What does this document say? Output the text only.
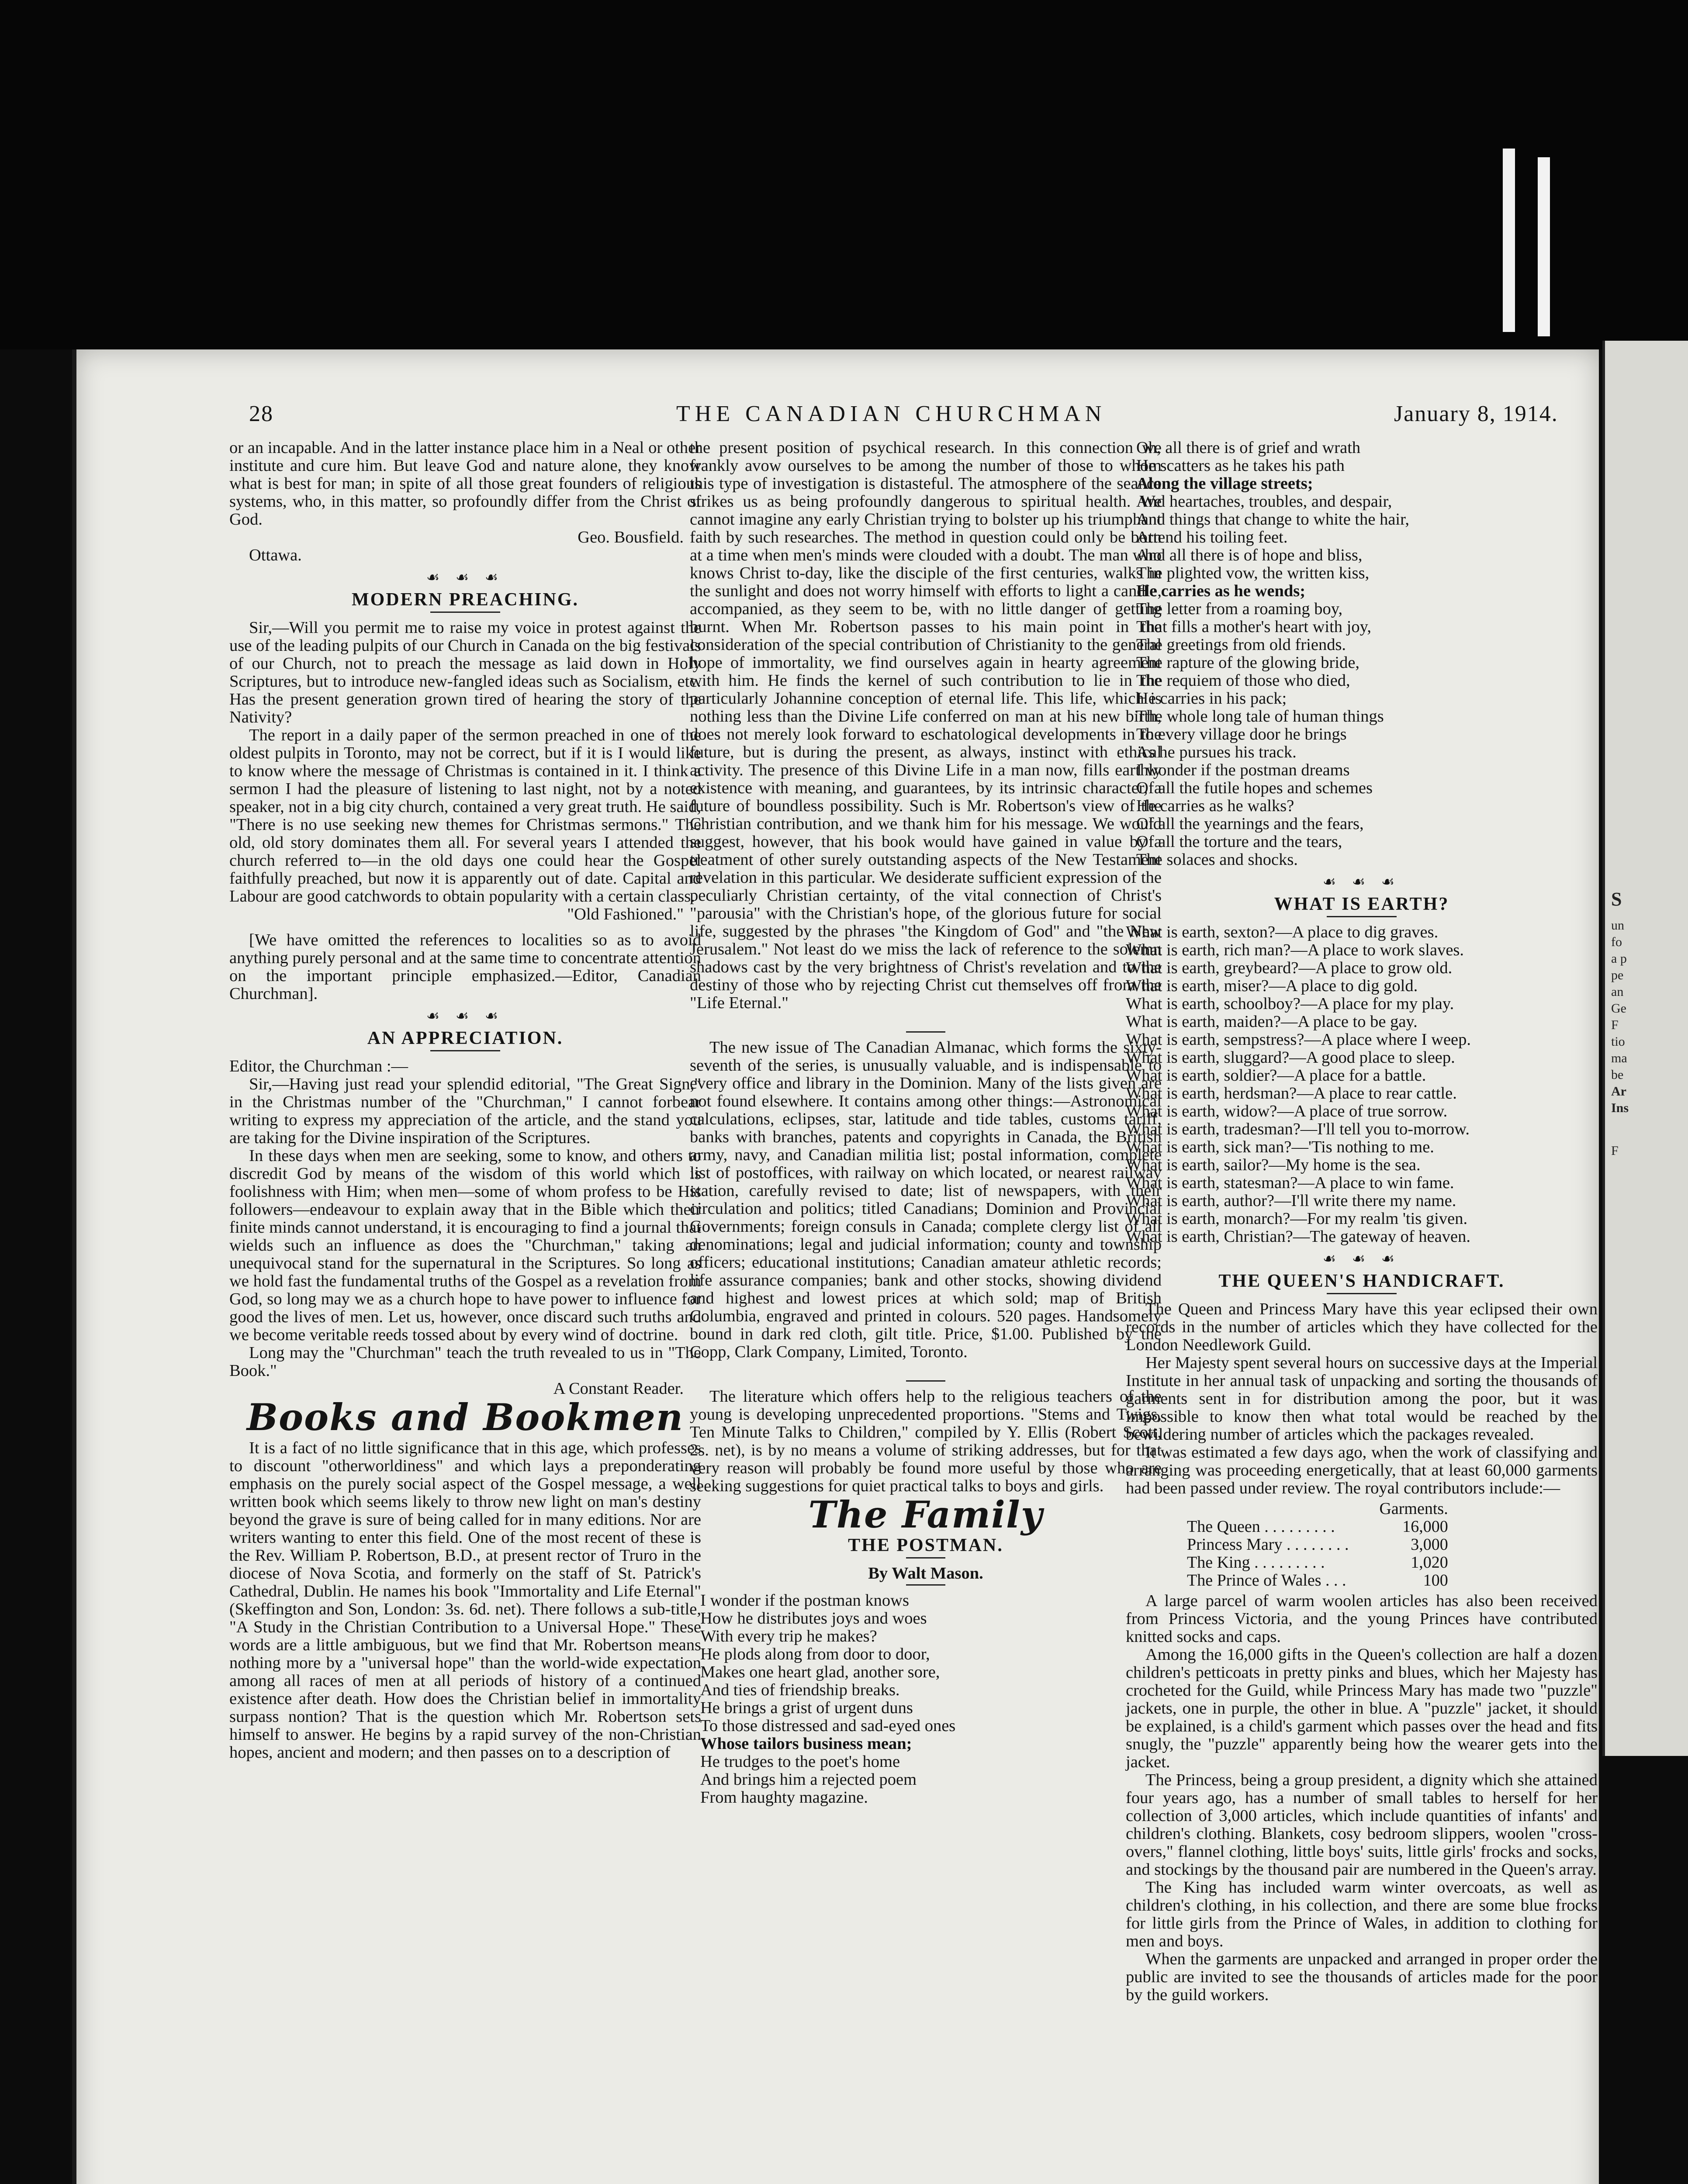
S
un
fo
a p
pe
an
Ge
F
tio
ma
be
Ar
Ins
F
28	THE CANADIAN CHURCHMAN	January 8, 1914.

or an incapable. And in the latter instance place him in a Neal or other institute and cure him. But leave God and nature alone, they know what is best for man; in spite of all those great founders of religious systems, who, in this matter, so profoundly differ from the Christ of God.

Geo. Bousfield.

Ottawa.

☙ ☙ ☙
MODERN PREACHING.

Sir,—Will you permit me to raise my voice in protest against the use of the leading pulpits of our Church in Canada on the big festivals of our Church, not to preach the message as laid down in Holy Scriptures, but to introduce new-fangled ideas such as Socialism, etc. Has the present generation grown tired of hearing the story of the Nativity?

The report in a daily paper of the sermon preached in one of the oldest pulpits in Toronto, may not be correct, but if it is I would like to know where the message of Christmas is contained in it. I think a sermon I had the pleasure of listening to last night, not by a noted speaker, not in a big city church, contained a very great truth. He said, "There is no use seeking new themes for Christmas sermons." The old, old story dominates them all. For several years I attended the church referred to—in the old days one could hear the Gospel faithfully preached, but now it is apparently out of date. Capital and Labour are good catchwords to obtain popularity with a certain class.

"Old Fashioned."

[We have omitted the references to localities so as to avoid anything purely personal and at the same time to concentrate attention on the important principle emphasized.—Editor, Canadian Churchman].

☙ ☙ ☙
AN APPRECIATION.

Editor, the Churchman :—

Sir,—Having just read your splendid editorial, "The Great Sign," in the Christmas number of the "Churchman," I cannot forbear writing to express my appreciation of the article, and the stand you are taking for the Divine inspiration of the Scriptures.

In these days when men are seeking, some to know, and others to discredit God by means of the wisdom of this world which is foolishness with Him; when men—some of whom profess to be His followers—endeavour to explain away that in the Bible which their finite minds cannot understand, it is encouraging to find a journal that wields such an influence as does the "Churchman," taking an unequivocal stand for the supernatural in the Scriptures. So long as we hold fast the fundamental truths of the Gospel as a revelation from God, so long may we as a church hope to have power to influence for good the lives of men. Let us, however, once discard such truths and we become veritable reeds tossed about by every wind of doctrine.

Long may the "Churchman" teach the truth revealed to us in "The Book."

A Constant Reader.
Books and Bookmen

It is a fact of no little significance that in this age, which professes to discount "otherworldiness" and which lays a preponderating emphasis on the purely social aspect of the Gospel message, a well written book which seems likely to throw new light on man's destiny beyond the grave is sure of being called for in many editions. Nor are writers wanting to enter this field. One of the most recent of these is the Rev. William P. Robertson, B.D., at present rector of Truro in the diocese of Nova Scotia, and formerly on the staff of St. Patrick's Cathedral, Dublin. He names his book "Immortality and Life Eternal" (Skeffington and Son, London: 3s. 6d. net). There follows a sub-title, "A Study in the Christian Contribution to a Universal Hope." These words are a little ambiguous, but we find that Mr. Robertson means nothing more by a "universal hope" than the world-wide expectation among all races of men at all periods of history of a continued existence after death. How does the Christian belief in immortality surpass nontion? That is the question which Mr. Robertson sets himself to answer. He begins by a rapid survey of the non-Christian hopes, ancient and modern; and then passes on to a description of

the present position of psychical research. In this connection we frankly avow ourselves to be among the number of those to whom this type of investigation is distasteful. The atmosphere of the seance strikes us as being profoundly dangerous to spiritual health. We cannot imagine any early Christian trying to bolster up his triumphant faith by such researches. The method in question could only be born at a time when men's minds were clouded with a doubt. The man who knows Christ to-day, like the disciple of the first centuries, walks in the sunlight and does not worry himself with efforts to light a candle, accompanied, as they seem to be, with no little danger of getting burnt. When Mr. Robertson passes to his main point in the consideration of the special contribution of Christianity to the general hope of immortality, we find ourselves again in hearty agreement with him. He finds the kernel of such contribution to lie in the particularly Johannine conception of eternal life. This life, which is nothing less than the Divine Life conferred on man at his new birth, does not merely look forward to eschatological developments in the future, but is during the present, as always, instinct with ethical activity. The presence of this Divine Life in a man now, fills earthly existence with meaning, and guarantees, by its intrinsic character, a future of boundless possibility. Such is Mr. Robertson's view of the Christian contribution, and we thank him for his message. We would suggest, however, that his book would have gained in value by a treatment of other surely outstanding aspects of the New Testament revelation in this particular. We desiderate sufficient expression of the peculiarly Christian certainty, of the vital connection of Christ's "parousia" with the Christian's hope, of the glorious future for social life, suggested by the phrases "the Kingdom of God" and "the New Jerusalem." Not least do we miss the lack of reference to the solemn shadows cast by the very brightness of Christ's revelation and to the destiny of those who by rejecting Christ cut themselves off from the "Life Eternal."

The new issue of The Canadian Almanac, which forms the sixty-seventh of the series, is unusually valuable, and is indispensable to every office and library in the Dominion. Many of the lists given are not found elsewhere. It contains among other things:—Astronomical calculations, eclipses, star, latitude and tide tables, customs tariff, banks with branches, patents and copyrights in Canada, the British army, navy, and Canadian militia list; postal information, complete list of postoffices, with railway on which located, or nearest railway station, carefully revised to date; list of newspapers, with their circulation and politics; titled Canadians; Dominion and Provincial Governments; foreign consuls in Canada; complete clergy list of all denominations; legal and judicial information; county and township officers; educational institutions; Canadian amateur athletic records; life assurance companies; bank and other stocks, showing dividend and highest and lowest prices at which sold; map of British Columbia, engraved and printed in colours. 520 pages. Handsomely bound in dark red cloth, gilt title. Price, $1.00. Published by the Copp, Clark Company, Limited, Toronto.

The literature which offers help to the religious teachers of the young is developing unprecedented proportions. "Stems and Twigs, Ten Minute Talks to Children," compiled by Y. Ellis (Robert Scott, 2s. net), is by no means a volume of striking addresses, but for that very reason will probably be found more useful by those who are seeking suggestions for quiet practical talks to boys and girls.

The Family
THE POSTMAN.
By Walt Mason.
I wonder if the postman knows
How he distributes joys and woes
With every trip he makes?
He plods along from door to door,
Makes one heart glad, another sore,
And ties of friendship breaks.
He brings a grist of urgent duns
To those distressed and sad-eyed ones
Whose tailors business mean;
He trudges to the poet's home
And brings him a rejected poem
From haughty magazine.
Oh, all there is of grief and wrath
He scatters as he takes his path
Along the village streets;
And heartaches, troubles, and despair,
And things that change to white the hair,
Attend his toiling feet.
And all there is of hope and bliss,
The plighted vow, the written kiss,
He carries as he wends;
The letter from a roaming boy,
That fills a mother's heart with joy,
The greetings from old friends.
The rapture of the glowing bride,
The requiem of those who died,
He carries in his pack;
The whole long tale of human things
To every village door he brings
As he pursues his track.
I wonder if the postman dreams
Of all the futile hopes and schemes
He carries as he walks?
Of all the yearnings and the fears,
Of all the torture and the tears,
The solaces and shocks.
☙ ☙ ☙
WHAT IS EARTH?
What is earth, sexton?—A place to dig graves.
What is earth, rich man?—A place to work slaves.
What is earth, greybeard?—A place to grow old.
What is earth, miser?—A place to dig gold.
What is earth, schoolboy?—A place for my play.
What is earth, maiden?—A place to be gay.
What is earth, sempstress?—A place where I weep.
What is earth, sluggard?—A good place to sleep.
What is earth, soldier?—A place for a battle.
What is earth, herdsman?—A place to rear cattle.
What is earth, widow?—A place of true sorrow.
What is earth, tradesman?—I'll tell you to-morrow.
What is earth, sick man?—'Tis nothing to me.
What is earth, sailor?—My home is the sea.
What is earth, statesman?—A place to win fame.
What is earth, author?—I'll write there my name.
What is earth, monarch?—For my realm 'tis given.
What is earth, Christian?—The gateway of heaven.
☙ ☙ ☙
THE QUEEN'S HANDICRAFT.

The Queen and Princess Mary have this year eclipsed their own records in the number of articles which they have collected for the London Needlework Guild.

Her Majesty spent several hours on successive days at the Imperial Institute in her annual task of unpacking and sorting the thousands of garments sent in for distribution among the poor, but it was impossible to know then what total would be reached by the bewildering number of articles which the packages revealed.

It was estimated a few days ago, when the work of classifying and arranging was proceeding energetically, that at least 60,000 garments had been passed under review. The royal contributors include:—

	Garments.
The Queen . . . . . . . . .	16,000
Princess Mary . . . . . . . .	3,000
The King . . . . . . . . .	1,020
The Prince of Wales . . .	100

A large parcel of warm woolen articles has also been received from Princess Victoria, and the young Princes have contributed knitted socks and caps.

Among the 16,000 gifts in the Queen's collection are half a dozen children's petticoats in pretty pinks and blues, which her Majesty has crocheted for the Guild, while Princess Mary has made two "puzzle" jackets, one in purple, the other in blue. A "puzzle" jacket, it should be explained, is a child's garment which passes over the head and fits snugly, the "puzzle" apparently being how the wearer gets into the jacket.

The Princess, being a group president, a dignity which she attained four years ago, has a number of small tables to herself for her collection of 3,000 articles, which include quantities of infants' and children's clothing. Blankets, cosy bedroom slippers, woolen "cross-overs," flannel clothing, little boys' suits, little girls' frocks and socks, and stockings by the thousand pair are numbered in the Queen's array.

The King has included warm winter overcoats, as well as children's clothing, in his collection, and there are some blue frocks for little girls from the Prince of Wales, in addition to clothing for men and boys.

When the garments are unpacked and arranged in proper order the public are invited to see the thousands of articles made for the poor by the guild workers.
